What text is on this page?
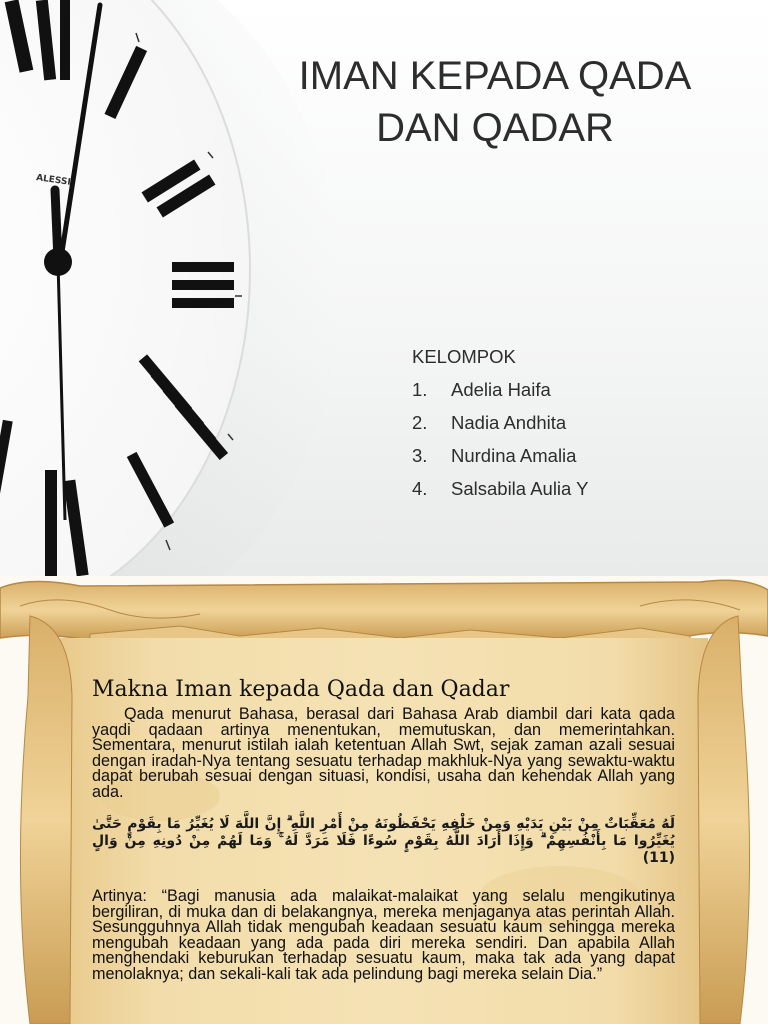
ALESSI
IMAN KEPADA QADA DAN QADAR
KELOMPOK
1.	Adelia Haifa
2.	Nadia Andhita
3.	Nurdina Amalia
4.	Salsabila Aulia Y
Makna Iman kepada Qada dan Qadar

Qada menurut Bahasa, berasal dari Bahasa Arab diambil dari kata qada yaqdi qadaan artinya menentukan, memutuskan, dan memerintahkan. Sementara, menurut istilah ialah ketentuan Allah Swt, sejak zaman azali sesuai dengan iradah-Nya tentang sesuatu terhadap makhluk-Nya yang sewaktu-waktu dapat berubah sesuai dengan situasi, kondisi, usaha dan kehendak Allah yang ada.

لَهُ مُعَقِّبَاتٌ مِنْ بَيْنِ يَدَيْهِ وَمِنْ خَلْفِهِ يَحْفَظُونَهُ مِنْ أَمْرِ اللَّهِ ۗ إِنَّ اللَّهَ لَا يُغَيِّرُ مَا بِقَوْمٍ حَتَّىٰ يُغَيِّرُوا مَا بِأَنْفُسِهِمْ ۗ وَإِذَا أَرَادَ اللَّهُ بِقَوْمٍ سُوءًا فَلَا مَرَدَّ لَهُ ۚ وَمَا لَهُمْ مِنْ دُونِهِ مِنْ وَالٍ (11)

Artinya: “Bagi manusia ada malaikat-malaikat yang selalu mengikutinya bergiliran, di muka dan di belakangnya, mereka menjaganya atas perintah Allah. Sesungguhnya Allah tidak mengubah keadaan sesuatu kaum sehingga mereka mengubah keadaan yang ada pada diri mereka sendiri. Dan apabila Allah menghendaki keburukan terhadap sesuatu kaum, maka tak ada yang dapat menolaknya; dan sekali-kali tak ada pelindung bagi mereka selain Dia.”
